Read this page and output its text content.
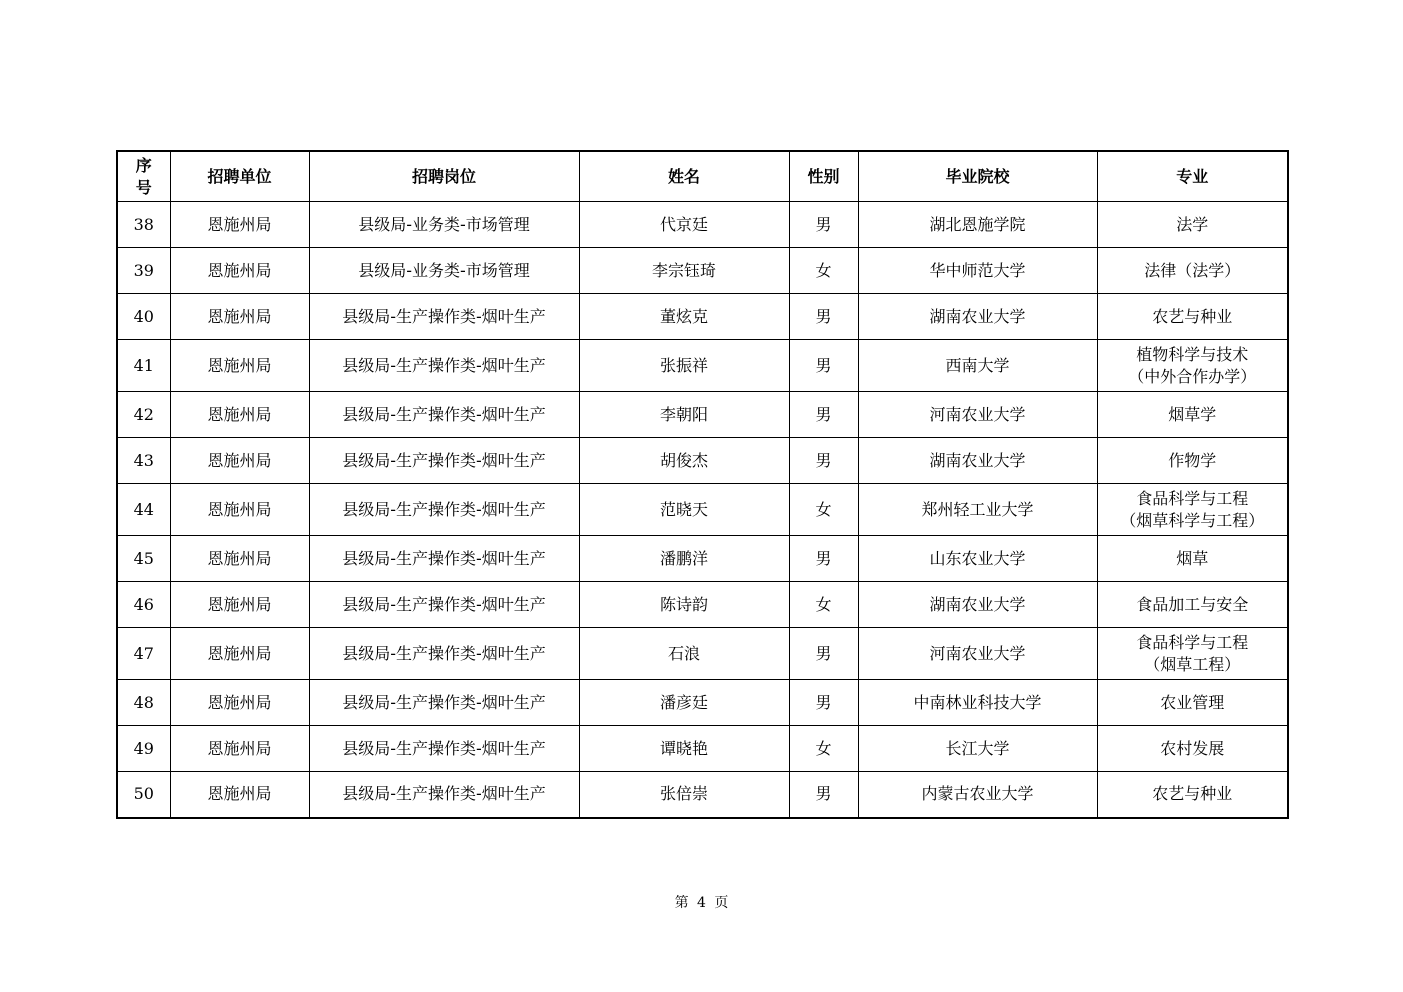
序
号	招聘单位	招聘岗位	姓名	性别	毕业院校	专业
38	恩施州局	县级局-业务类-市场管理	代京廷	男	湖北恩施学院	法学
39	恩施州局	县级局-业务类-市场管理	李宗钰琦	女	华中师范大学	法律（法学）
40	恩施州局	县级局-生产操作类-烟叶生产	董炫克	男	湖南农业大学	农艺与种业
41	恩施州局	县级局-生产操作类-烟叶生产	张振祥	男	西南大学	植物科学与技术
（中外合作办学）

42	恩施州局	县级局-生产操作类-烟叶生产	李朝阳	男	河南农业大学	烟草学
43	恩施州局	县级局-生产操作类-烟叶生产	胡俊杰	男	湖南农业大学	作物学
44	恩施州局	县级局-生产操作类-烟叶生产	范晓天	女	郑州轻工业大学	食品科学与工程
（烟草科学与工程）

45	恩施州局	县级局-生产操作类-烟叶生产	潘鹏洋	男	山东农业大学	烟草
46	恩施州局	县级局-生产操作类-烟叶生产	陈诗韵	女	湖南农业大学	食品加工与安全
47	恩施州局	县级局-生产操作类-烟叶生产	石浪	男	河南农业大学	食品科学与工程
（烟草工程）

48	恩施州局	县级局-生产操作类-烟叶生产	潘彦廷	男	中南林业科技大学	农业管理
49	恩施州局	县级局-生产操作类-烟叶生产	谭晓艳	女	长江大学	农村发展
50	恩施州局	县级局-生产操作类-烟叶生产	张倍崇	男	内蒙古农业大学	农艺与种业
第 4 页
